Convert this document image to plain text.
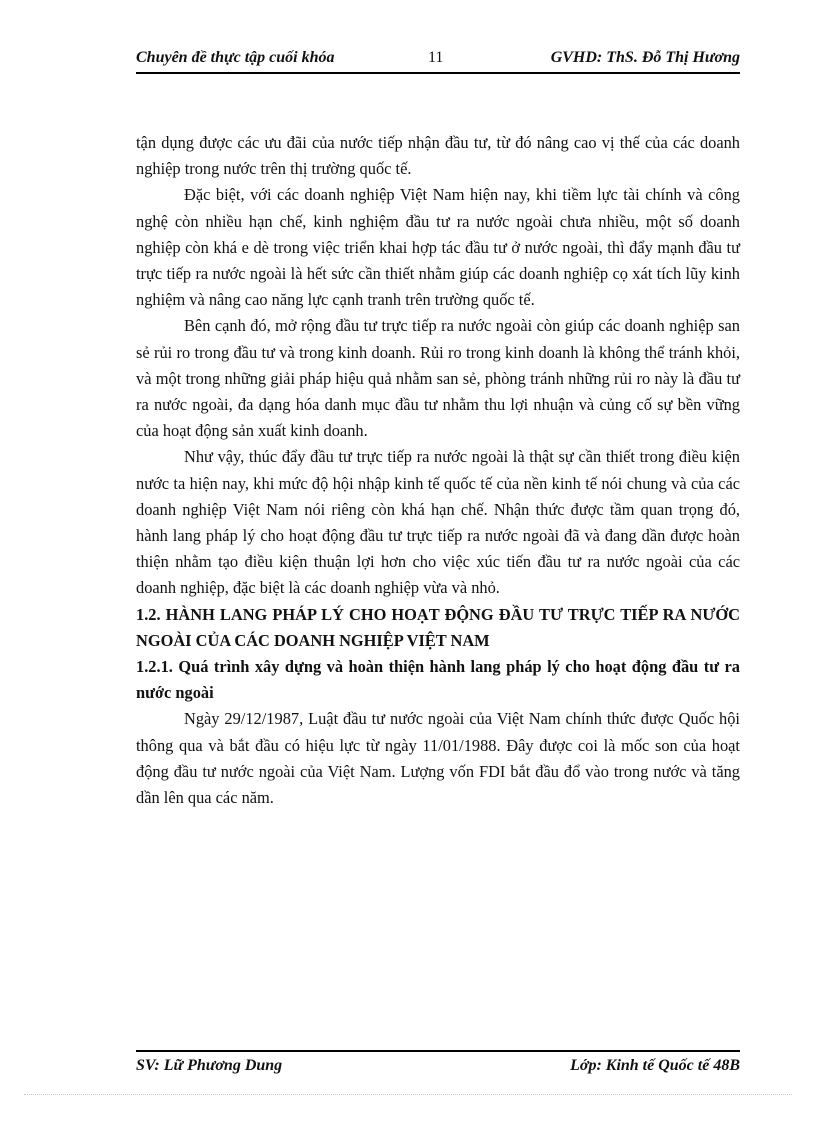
Chuyên đề thực tập cuối khóa	11	GVHD: ThS. Đỗ Thị Hương

tận dụng được các ưu đãi của nước tiếp nhận đầu tư, từ đó nâng cao vị thế của các doanh nghiệp trong nước trên thị trường quốc tế.

Đặc biệt, với các doanh nghiệp Việt Nam hiện nay, khi tiềm lực tài chính và công nghệ còn nhiều hạn chế, kinh nghiệm đầu tư ra nước ngoài chưa nhiều, một số doanh nghiệp còn khá e dè trong việc triển khai hợp tác đầu tư ở nước ngoài, thì đẩy mạnh đầu tư trực tiếp ra nước ngoài là hết sức cần thiết nhằm giúp các doanh nghiệp cọ xát tích lũy kinh nghiệm và nâng cao năng lực cạnh tranh trên trường quốc tế.

Bên cạnh đó, mở rộng đầu tư trực tiếp ra nước ngoài còn giúp các doanh nghiệp san sẻ rủi ro trong đầu tư và trong kinh doanh. Rủi ro trong kinh doanh là không thể tránh khỏi, và một trong những giải pháp hiệu quả nhằm san sẻ, phòng tránh những rủi ro này là đầu tư ra nước ngoài, đa dạng hóa danh mục đầu tư nhằm thu lợi nhuận và củng cố sự bền vững của hoạt động sản xuất kinh doanh.

Như vậy, thúc đẩy đầu tư trực tiếp ra nước ngoài là thật sự cần thiết trong điều kiện nước ta hiện nay, khi mức độ hội nhập kinh tế quốc tế của nền kinh tế nói chung và của các doanh nghiệp Việt Nam nói riêng còn khá hạn chế. Nhận thức được tầm quan trọng đó, hành lang pháp lý cho hoạt động đầu tư trực tiếp ra nước ngoài đã và đang dần được hoàn thiện nhằm tạo điều kiện thuận lợi hơn cho việc xúc tiến đầu tư ra nước ngoài của các doanh nghiệp, đặc biệt là các doanh nghiệp vừa và nhỏ.

1.2. HÀNH LANG PHÁP LÝ CHO HOẠT ĐỘNG ĐẦU TƯ TRỰC TIẾP RA NƯỚC NGOÀI CỦA CÁC DOANH NGHIỆP VIỆT NAM

1.2.1. Quá trình xây dựng và hoàn thiện hành lang pháp lý cho hoạt động đầu tư ra nước ngoài

Ngày 29/12/1987, Luật đầu tư nước ngoài của Việt Nam chính thức được Quốc hội thông qua và bắt đầu có hiệu lực từ ngày 11/01/1988. Đây được coi là mốc son của hoạt động đầu tư nước ngoài của Việt Nam. Lượng vốn FDI bắt đầu đổ vào trong nước và tăng dần lên qua các năm.

SV: Lữ Phương Dung	Lớp: Kinh tế Quốc tế 48B
